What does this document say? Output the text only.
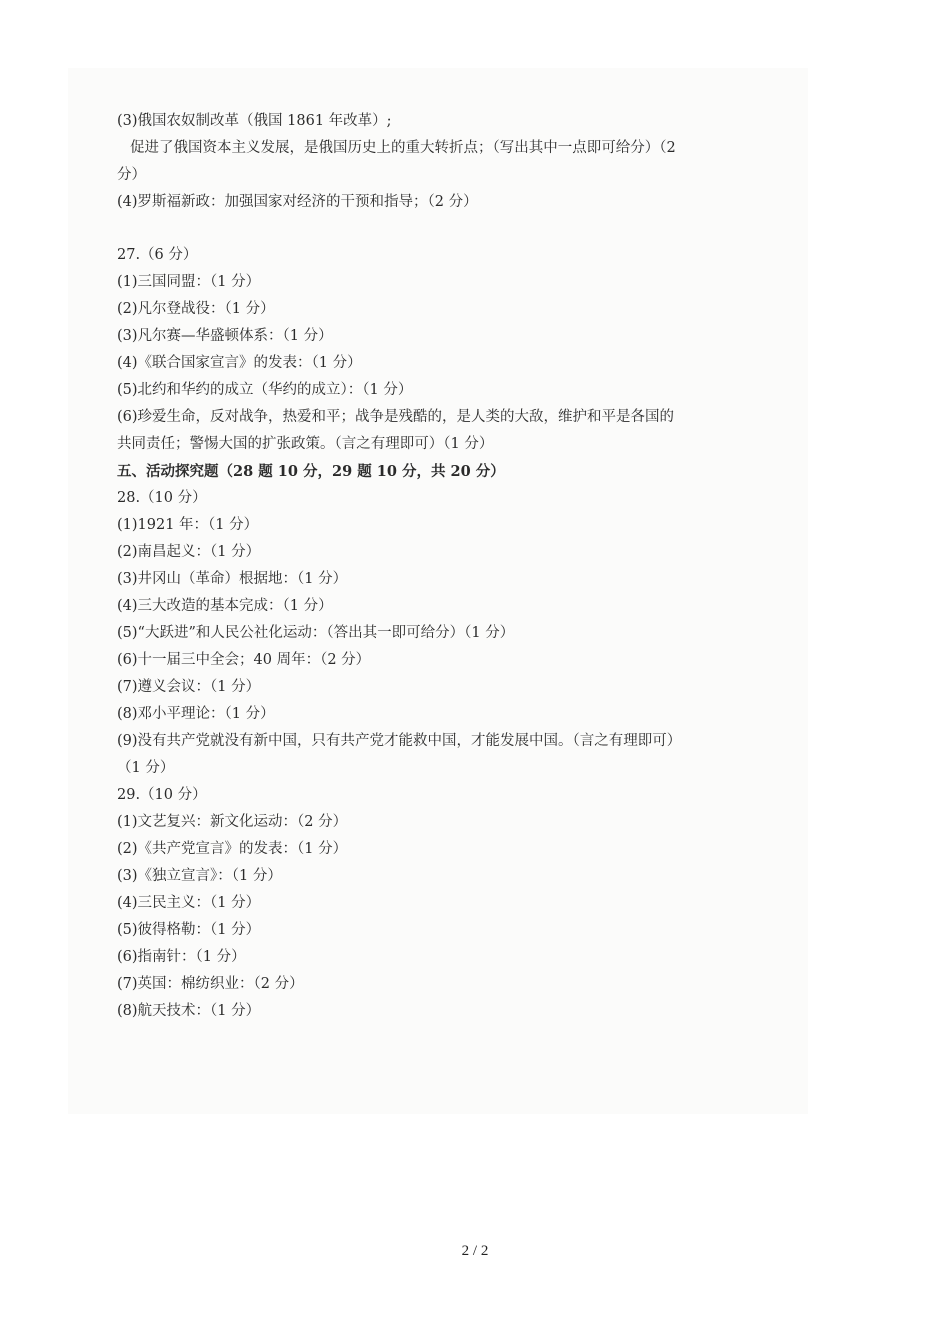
(3)俄国农奴制改革（俄国 1861 年改革）;
促进了俄国资本主义发展，是俄国历史上的重大转折点；（写出其中一点即可给分）（2
分）
(4)罗斯福新政：加强国家对经济的干预和指导；（2 分）
27.（6 分）
(1)三国同盟：（1 分）
(2)凡尔登战役：（1 分）
(3)凡尔赛—华盛顿体系：（1 分）
(4)《联合国家宣言》的发表：（1 分）
(5)北约和华约的成立（华约的成立）：（1 分）
(6)珍爱生命，反对战争，热爱和平；战争是残酷的，是人类的大敌，维护和平是各国的
共同责任；警惕大国的扩张政策。（言之有理即可）（1 分）
五、活动探究题（28 题 10 分，29 题 10 分，共 20 分）
28.（10 分）
(1)1921 年：（1 分）
(2)南昌起义：（1 分）
(3)井冈山（革命）根据地：（1 分）
(4)三大改造的基本完成：（1 分）
(5)“大跃进”和人民公社化运动：（答出其一即可给分）（1 分）
(6)十一届三中全会；40 周年：（2 分）
(7)遵义会议：（1 分）
(8)邓小平理论：（1 分）
(9)没有共产党就没有新中国，只有共产党才能救中国，才能发展中国。（言之有理即可）
（1 分）
29.（10 分）
(1)文艺复兴：新文化运动：（2 分）
(2)《共产党宣言》的发表：（1 分）
(3)《独立宣言》：（1 分）
(4)三民主义：（1 分）
(5)彼得格勒：（1 分）
(6)指南针：（1 分）
(7)英国：棉纺织业：（2 分）
(8)航天技术：（1 分）
2 / 2
